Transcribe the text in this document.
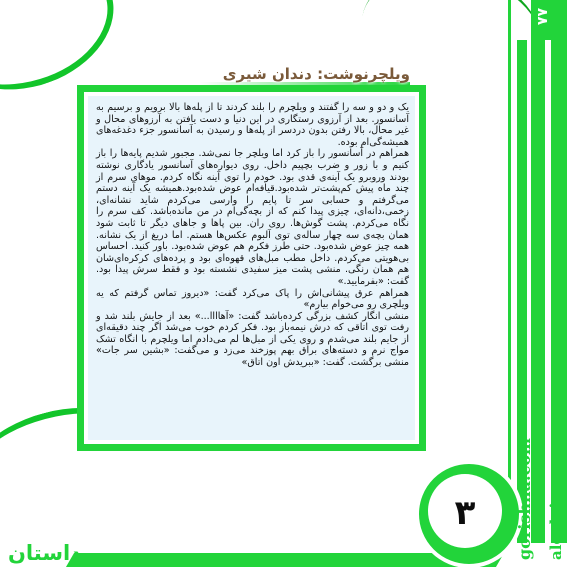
۷۷
۳	gorishna.com aleph.ir
داستان
ویلچرنوشت: دندان شیری

یک و دو و سه را گفتند و ویلچرم را بلند کردند تا از پله‌ها بالا برویم و برسیم به آسانسور. بعد از آرزوی رستگاری در این دنیا و دست یافتن به آرزوهای محال و غیر محال، بالا رفتن بدون دردسر از پله‌ها و رسیدن به آسانسور جزء دغدغه‌های همیشه‌گی‌ام بوده.

همراهم در آسانسور را باز کرد اما ویلچر جا نمی‌شد. مجبور شدیم پایه‌ها را باز کنیم و با زور و ضرب بچپیم داخل. روی دیواره‌های آسانسور یادگاری نوشته بودند وروبرو یک آینه‌ی قدی بود. خودم را توی آینه نگاه کردم. موهای سرم از چند ماه پیش کم‌پشت‌تر شده‌بود.قیافه‌ام عوض شده‌بود.همیشه یک آینه دستم می‌گرفتم و حسابی سر تا پایم را وارسی می‌کردم شاید نشانه‌ای، زخمی،دانه‌ای، چیزی پیدا کنم که از بچه‌گی‌ام در من مانده‌باشد. کف سرم را نگاه می‌کردم. پشت گوش‌ها. روی ران. بین پاها و جاهای دیگر تا ثابت شود همان بچه‌ی سه چهار ساله‌ی توی آلبوم عکس‌ها هستم. اما دریغ از یک نشانه. همه چیز عوض شده‌بود. حتی طرز فکرم هم عوض شده‌بود. باور کنید. احساس بی‌هویتی می‌کردم. داخل مطب مبل‌های قهوه‌ای بود و پرده‌های کرکره‌ای‌شان هم همان رنگی. منشی پشت میز سفیدی نشسته بود و فقط سرش پیدا بود. گفت: «بفرمایید.»

همراهم عرق پیشانی‌اش را پاک می‌کرد گفت: «دیروز تماس گرفتم که یه ویلچری رو می‌خوام بیارم»

منشی انگار کشف بزرگی کرده‌باشد گفت: «آهاااا...» بعد از جایش بلند شد و رفت توی اتاقی که درش نیمه‌باز بود. فکر کردم خوب می‌شد اگر چند دقیقه‌ای از جایم بلند می‌شدم و روی یکی از مبل‌ها لم می‌دادم اما ویلچرم با انگاه تشک مواج نرم و دسته‌های براق بهم پوزخند می‌زد و می‌گفت: «بشین سر جات» منشی برگشت. گفت: «ببریدش اون اتاق»
